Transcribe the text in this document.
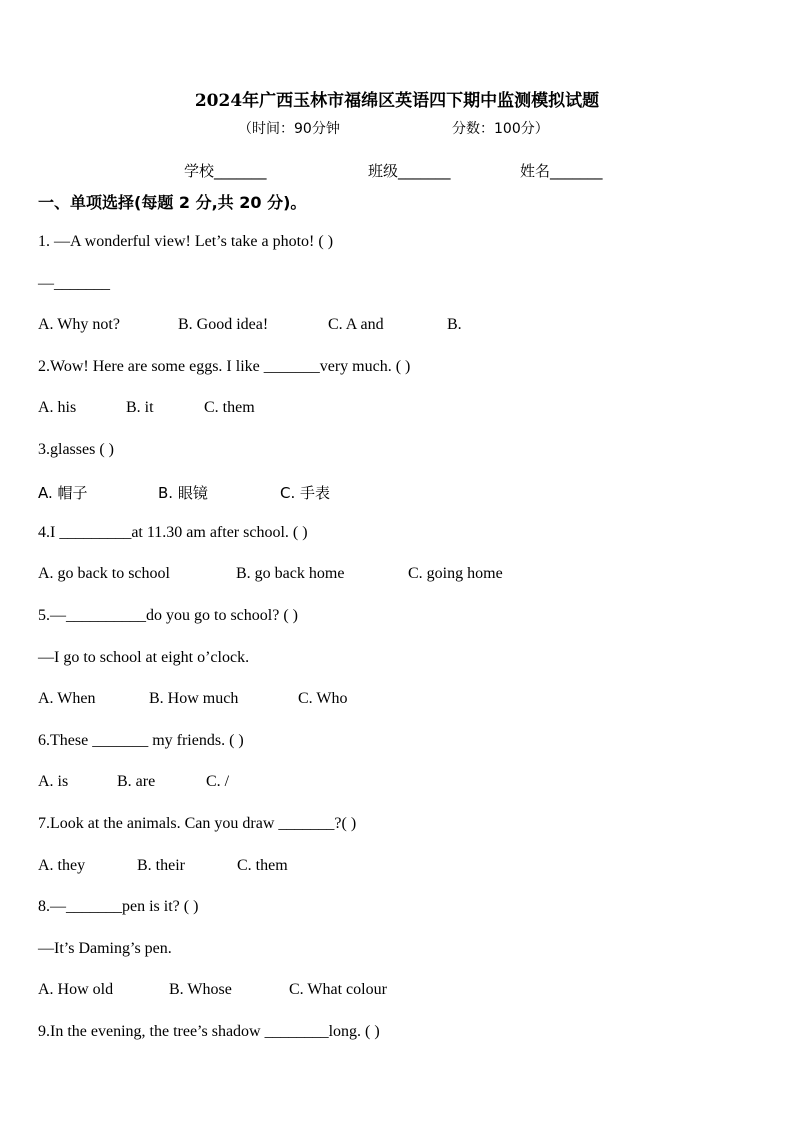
2024年广西玉林市福绵区英语四下期中监测模拟试题
（时间：90分钟	分数：100分）
学校_______	班级_______	姓名_______
一、单项选择(每题 2 分,共 20 分)。
1. —A wonderful view! Let’s take a photo! ( )
—_______
A. Why not?	B. Good idea!	C. A and	B.
2.Wow! Here are some eggs. I like _______very much. ( )
A. his	B. it	C. them
3.glasses ( )
A. 帽子	B. 眼镜	C. 手表
4.I _________at 11.30 am after school. ( )
A. go back to school	B. go back home	C. going home
5.—__________do you go to school? ( )
—I go to school at eight o’clock.
A. When	B. How much	C. Who
6.These _______ my friends. ( )
A. is	B. are	C. /
7.Look at the animals. Can you draw _______?( )
A. they	B. their	C. them
8.—_______pen is it? ( )
—It’s Daming’s pen.
A. How old	B. Whose	C. What colour
9.In the evening, the tree’s shadow ________long. ( )
